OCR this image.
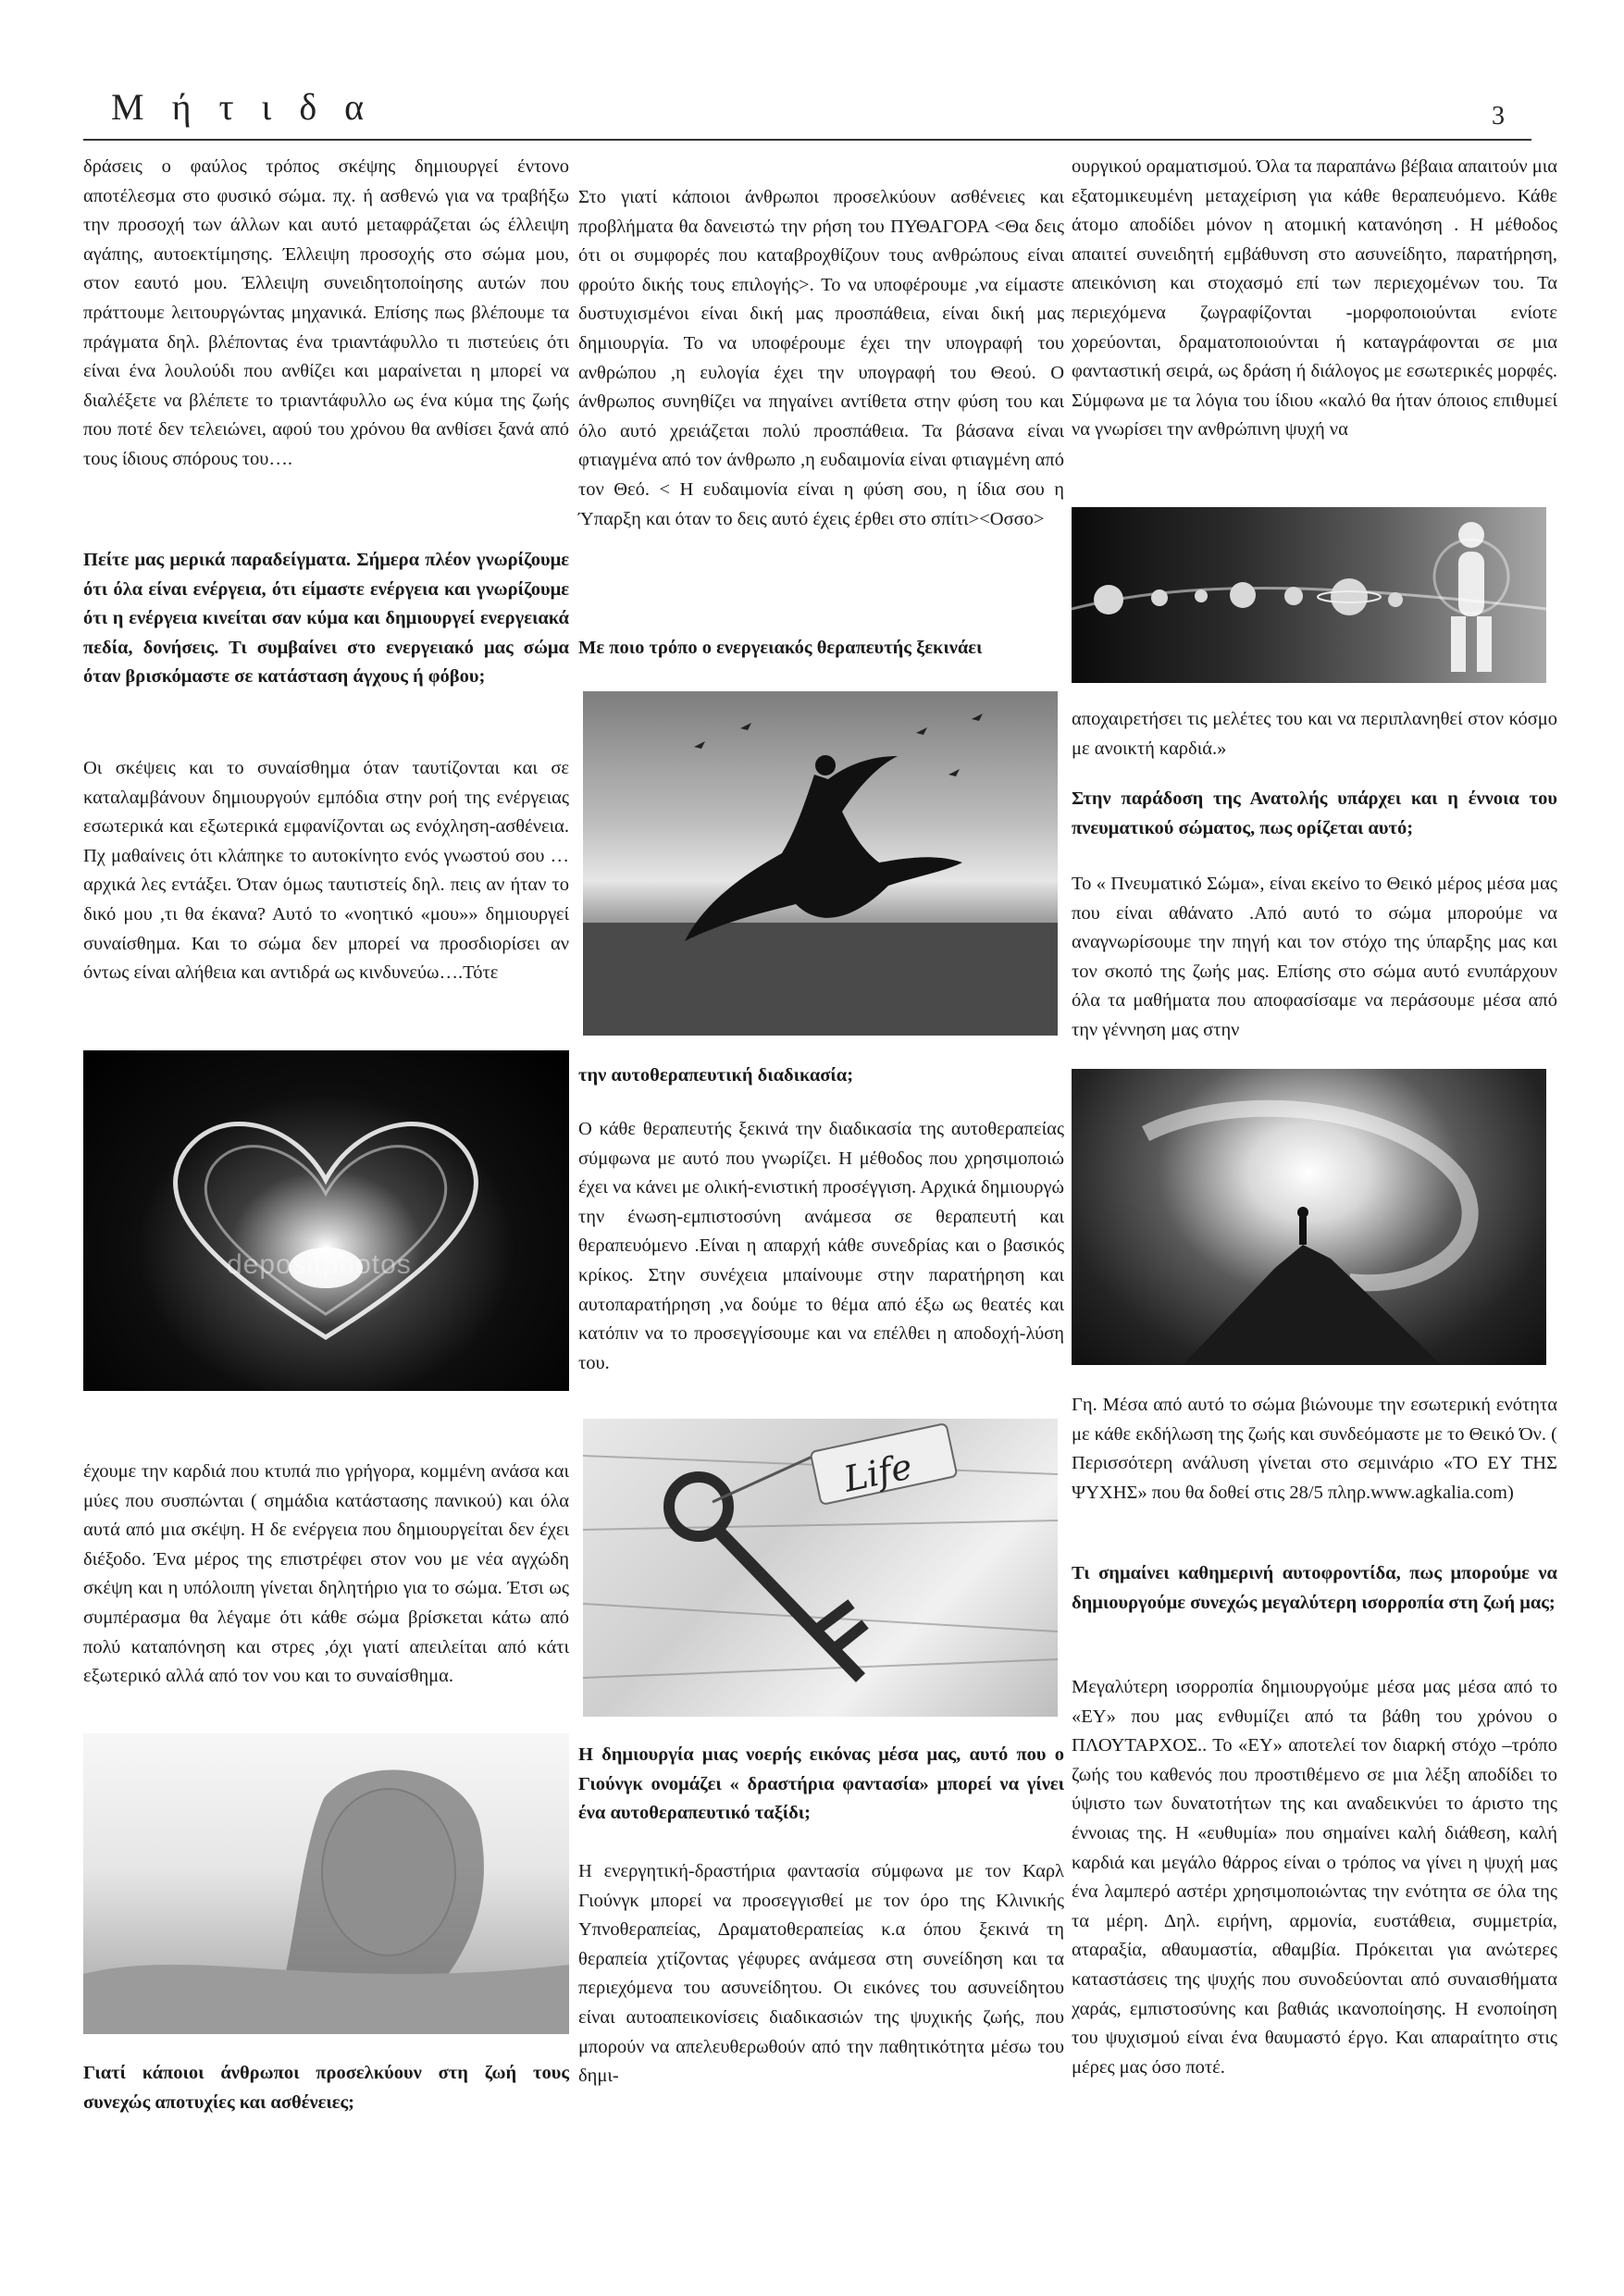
Μ ή τ ι δ α	3

δράσεις ο φαύλος τρόπος σκέψης δημιουργεί έντονο αποτέλεσμα στο φυσικό σώμα. πχ. ή ασθενώ για να τραβήξω την προσοχή των άλλων και αυτό μεταφράζεται ώς έλλειψη αγάπης, αυτοεκτίμησης. Έλλειψη προσοχής στο σώμα μου, στον εαυτό μου. Έλλειψη συνειδητοποίησης αυτών που πράττουμε λειτουργώντας μηχανικά. Επίσης πως βλέπουμε τα πράγματα δηλ. βλέποντας ένα τριαντάφυλλο τι πιστεύεις ότι είναι ένα λουλούδι που ανθίζει και μαραίνεται η μπορεί να διαλέξετε να βλέπετε το τριαντάφυλλο ως ένα κύμα της ζωής που ποτέ δεν τελειώνει, αφού του χρόνου θα ανθίσει ξανά από τους ίδιους σπόρους του….

Πείτε μας μερικά παραδείγματα. Σήμερα πλέον γνωρίζουμε ότι όλα είναι ενέργεια, ότι είμαστε ενέργεια και γνωρίζουμε ότι η ενέργεια κινείται σαν κύμα και δημιουργεί ενεργειακά πεδία, δονήσεις. Τι συμβαίνει στο ενεργειακό μας σώμα όταν βρισκόμαστε σε κατάσταση άγχους ή φόβου;

Οι σκέψεις και το συναίσθημα όταν ταυτίζονται και σε καταλαμβάνουν δημιουργούν εμπόδια στην ροή της ενέργειας εσωτερικά και εξωτερικά εμφανίζονται ως ενόχληση-ασθένεια. Πχ μαθαίνεις ότι κλάπηκε το αυτοκίνητο ενός γνωστού σου …αρχικά λες εντάξει. Όταν όμως ταυτιστείς δηλ. πεις αν ήταν το δικό μου ,τι θα έκανα? Αυτό το «νοητικό «μου»» δημιουργεί συναίσθημα. Και το σώμα δεν μπορεί να προσδιορίσει αν όντως είναι αλήθεια και αντιδρά ως κινδυνεύω….Τότε

depositphotos

έχουμε την καρδιά που κτυπά πιο γρήγορα, κομμένη ανάσα και μύες που συσπώνται ( σημάδια κατάστασης πανικού) και όλα αυτά από μια σκέψη. Η δε ενέργεια που δημιουργείται δεν έχει διέξοδο. Ένα μέρος της επιστρέφει στον νου με νέα αγχώδη σκέψη και η υπόλοιπη γίνεται δηλητήριο για το σώμα. Έτσι ως συμπέρασμα θα λέγαμε ότι κάθε σώμα βρίσκεται κάτω από πολύ καταπόνηση και στρες ,όχι γιατί απειλείται από κάτι εξωτερικό αλλά από τον νου και το συναίσθημα.

Γιατί κάποιοι άνθρωποι προσελκύουν στη ζωή τους συνεχώς αποτυχίες και ασθένειες;

Στο γιατί κάποιοι άνθρωποι προσελκύουν ασθένειες και προβλήματα θα δανειστώ την ρήση του ΠΥΘΑΓΟΡΑ <Θα δεις ότι οι συμφορές που καταβροχθίζουν τους ανθρώπους είναι φρούτο δικής τους επιλογής>. Το να υποφέρουμε ,να είμαστε δυστυχισμένοι είναι δική μας προσπάθεια, είναι δική μας δημιουργία. Το να υποφέρουμε έχει την υπογραφή του ανθρώπου ,η ευλογία έχει την υπογραφή του Θεού. Ο άνθρωπος συνηθίζει να πηγαίνει αντίθετα στην φύση του και όλο αυτό χρειάζεται πολύ προσπάθεια. Τα βάσανα είναι φτιαγμένα από τον άνθρωπο ,η ευδαιμονία είναι φτιαγμένη από τον Θεό. < Η ευδαιμονία είναι η φύση σου, η ίδια σου η Ύπαρξη και όταν το δεις αυτό έχεις έρθει στο σπίτι><Οσσο>

Με ποιο τρόπο ο ενεργειακός θεραπευτής ξεκινάει

την αυτοθεραπευτική διαδικασία;

Ο κάθε θεραπευτής ξεκινά την διαδικασία της αυτοθεραπείας σύμφωνα με αυτό που γνωρίζει. Η μέθοδος που χρησιμοποιώ έχει να κάνει με ολική-ενιστική προσέγγιση. Αρχικά δημιουργώ την ένωση-εμπιστοσύνη ανάμεσα σε θεραπευτή και θεραπευόμενο .Είναι η απαρχή κάθε συνεδρίας και ο βασικός κρίκος. Στην συνέχεια μπαίνουμε στην παρατήρηση και αυτοπαρατήρηση ,να δούμε το θέμα από έξω ως θεατές και κατόπιν να το προσεγγίσουμε και να επέλθει η αποδοχή-λύση του.

Life

Η δημιουργία μιας νοερής εικόνας μέσα μας, αυτό που ο Γιούνγκ ονομάζει « δραστήρια φαντασία» μπορεί να γίνει ένα αυτοθεραπευτικό ταξίδι;

Η ενεργητική-δραστήρια φαντασία σύμφωνα με τον Καρλ Γιούνγκ μπορεί να προσεγγισθεί με τον όρο της Κλινικής Υπνοθεραπείας, Δραματοθεραπείας κ.α όπου ξεκινά τη θεραπεία χτίζοντας γέφυρες ανάμεσα στη συνείδηση και τα περιεχόμενα του ασυνείδητου. Οι εικόνες του ασυνείδητου είναι αυτοαπεικονίσεις διαδικασιών της ψυχικής ζωής, που μπορούν να απελευθερωθούν από την παθητικότητα μέσω του δημι-

ουργικού οραματισμού. Όλα τα παραπάνω βέβαια απαιτούν μια εξατομικευμένη μεταχείριση για κάθε θεραπευόμενο. Κάθε άτομο αποδίδει μόνον η ατομική κατανόηση . Η μέθοδος απαιτεί συνειδητή εμβάθυνση στο ασυνείδητο, παρατήρηση, απεικόνιση και στοχασμό επί των περιεχομένων του. Τα περιεχόμενα ζωγραφίζονται -μορφοποιούνται ενίοτε χορεύονται, δραματοποιούνται ή καταγράφονται σε μια φανταστική σειρά, ως δράση ή διάλογος με εσωτερικές μορφές. Σύμφωνα με τα λόγια του ίδιου «καλό θα ήταν όποιος επιθυμεί να γνωρίσει την ανθρώπινη ψυχή να

αποχαιρετήσει τις μελέτες του και να περιπλανηθεί στον κόσμο με ανοικτή καρδιά.»

Στην παράδοση της Ανατολής υπάρχει και η έννοια του πνευματικού σώματος, πως ορίζεται αυτό;

Το « Πνευματικό Σώμα», είναι εκείνο το Θεικό μέρος μέσα μας που είναι αθάνατο .Από αυτό το σώμα μπορούμε να αναγνωρίσουμε την πηγή και τον στόχο της ύπαρξης μας και τον σκοπό της ζωής μας. Επίσης στο σώμα αυτό ενυπάρχουν όλα τα μαθήματα που αποφασίσαμε να περάσουμε μέσα από την γέννηση μας στην

Γη. Μέσα από αυτό το σώμα βιώνουμε την εσωτερική ενότητα με κάθε εκδήλωση της ζωής και συνδεόμαστε με το Θεικό Όν. ( Περισσότερη ανάλυση γίνεται στο σεμινάριο «ΤΟ ΕΥ ΤΗΣ ΨΥΧΗΣ» που θα δοθεί στις 28/5 πληρ.www.agkalia.com)

Τι σημαίνει καθημερινή αυτοφροντίδα, πως μπορούμε να δημιουργούμε συνεχώς μεγαλύτερη ισορροπία στη ζωή μας;

Μεγαλύτερη ισορροπία δημιουργούμε μέσα μας μέσα από το «ΕΥ» που μας ενθυμίζει από τα βάθη του χρόνου ο ΠΛΟΥΤΑΡΧΟΣ.. Το «ΕΥ» αποτελεί τον διαρκή στόχο –τρόπο ζωής του καθενός που προστιθέμενο σε μια λέξη αποδίδει το ύψιστο των δυνατοτήτων της και αναδεικνύει το άριστο της έννοιας της. Η «ευθυμία» που σημαίνει καλή διάθεση, καλή καρδιά και μεγάλο θάρρος είναι ο τρόπος να γίνει η ψυχή μας ένα λαμπερό αστέρι χρησιμοποιώντας την ενότητα σε όλα της τα μέρη. Δηλ. ειρήνη, αρμονία, ευστάθεια, συμμετρία, αταραξία, αθαυμαστία, αθαμβία. Πρόκειται για ανώτερες καταστάσεις της ψυχής που συνοδεύονται από συναισθήματα χαράς, εμπιστοσύνης και βαθιάς ικανοποίησης. Η ενοποίηση του ψυχισμού είναι ένα θαυμαστό έργο. Και απαραίτητο στις μέρες μας όσο ποτέ.
